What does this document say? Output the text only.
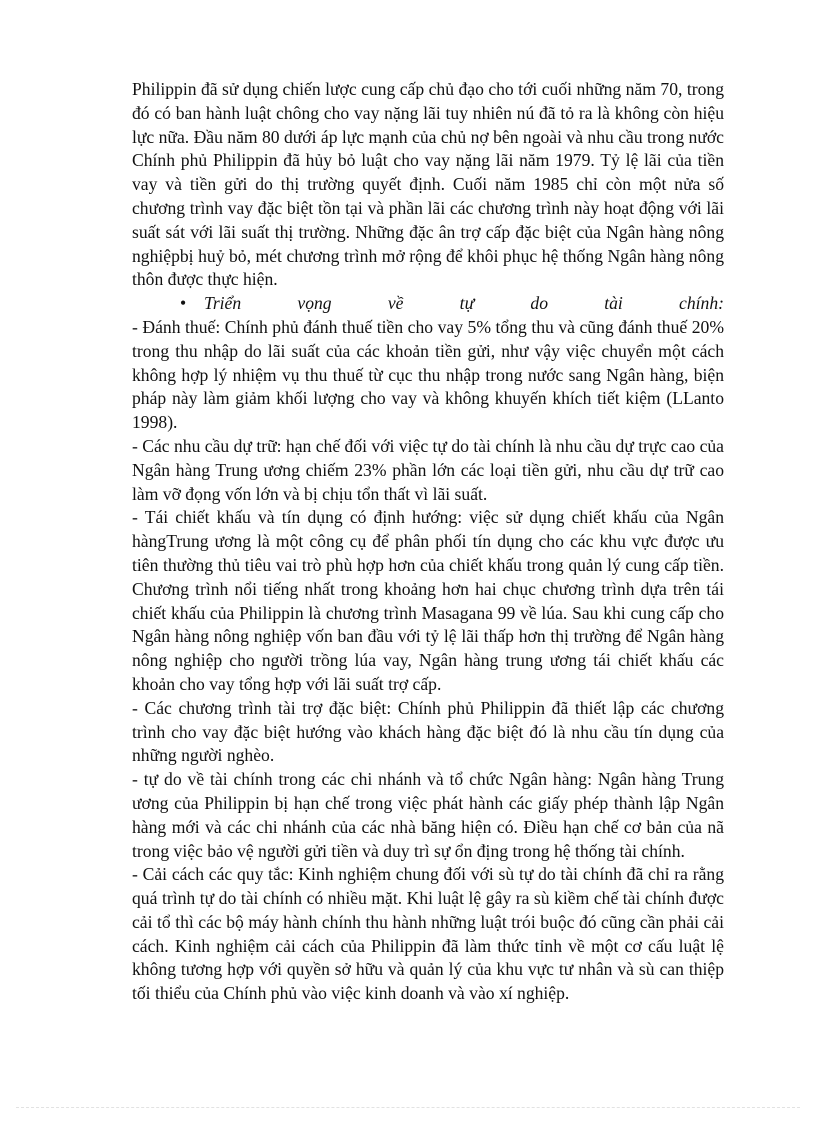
Philippin đã sử dụng chiến lược cung cấp chủ đạo cho tới cuối những năm 70, trong đó có ban hành luật chông cho vay nặng lãi tuy nhiên nú đã tỏ ra là không còn hiệu lực nữa. Đầu năm 80 dưới áp lực mạnh của chủ nợ bên ngoài và nhu cầu trong nước Chính phủ Philippin đã hủy bỏ luật cho vay nặng lãi năm 1979. Tỷ lệ lãi của tiền vay và tiền gửi do thị trường quyết định. Cuối năm 1985 chỉ còn một nửa số chương trình vay đặc biệt tồn tại và phần lãi các chương trình này hoạt động với lãi suất sát với lãi suất thị trường. Những đặc ân trợ cấp đặc biệt của Ngân hàng nông nghiệpbị huỷ bỏ, mét chương trình mở rộng để khôi phục hệ thống Ngân hàng nông thôn được thực hiện.

•	Triển vọng về tự do tài chính:

- Đánh thuế: Chính phủ đánh thuế tiền cho vay 5% tổng thu và cũng đánh thuế 20% trong thu nhập do lãi suất của các khoản tiền gửi, như vậy việc chuyển một cách không hợp lý nhiệm vụ thu thuế từ cục thu nhập trong nước sang Ngân hàng, biện pháp này làm giảm khối lượng cho vay và không khuyến khích tiết kiệm (LLanto 1998).

- Các nhu cầu dự trữ: hạn chế đối với việc tự do tài chính là nhu cầu dự trực cao của Ngân hàng Trung ương chiếm 23% phần lớn các loại tiền gửi, nhu cầu dự trữ cao làm vỡ đọng vốn lớn và bị chịu tổn thất vì lãi suất.

- Tái chiết khấu và tín dụng có định hướng: việc sử dụng chiết khấu của Ngân hàngTrung ương là một công cụ để phân phối tín dụng cho các khu vực được ưu tiên thường thủ tiêu vai trò phù hợp hơn của chiết khấu trong quản lý cung cấp tiền. Chương trình nổi tiếng nhất trong khoảng hơn hai chục chương trình dựa trên tái chiết khấu của Philippin là chương trình Masagana 99 về lúa. Sau khi cung cấp cho Ngân hàng nông nghiệp vốn ban đầu với tỷ lệ lãi thấp hơn thị trường để Ngân hàng nông nghiệp cho người trồng lúa vay, Ngân hàng trung ương tái chiết khấu các khoản cho vay tổng hợp với lãi suất trợ cấp.

- Các chương trình tài trợ đặc biệt: Chính phủ Philippin đã thiết lập các chương trình cho vay đặc biệt hướng vào khách hàng đặc biệt đó là nhu cầu tín dụng của những người nghèo.

- tự do về tài chính trong các chi nhánh và tổ chức Ngân hàng: Ngân hàng Trung ương của Philippin bị hạn chế trong việc phát hành các giấy phép thành lập Ngân hàng mới và các chi nhánh của các nhà băng hiện có. Điều hạn chế cơ bản của nã trong việc bảo vệ người gửi tiền và duy trì sự ổn địng trong hệ thống tài chính.

- Cải cách các quy tắc: Kinh nghiệm chung đối với sù tự do tài chính đã chỉ ra rằng quá trình tự do tài chính có nhiều mặt. Khi luật lệ gây ra sù kiềm chế tài chính được cải tổ thì các bộ máy hành chính thu hành những luật trói buộc đó cũng cần phải cải cách. Kinh nghiệm cải cách của Philippin đã làm thức tỉnh về một cơ cấu luật lệ không tương hợp với quyền sở hữu và quản lý của khu vực tư nhân và sù can thiệp tối thiểu của Chính phủ vào việc kinh doanh và vào xí nghiệp.
